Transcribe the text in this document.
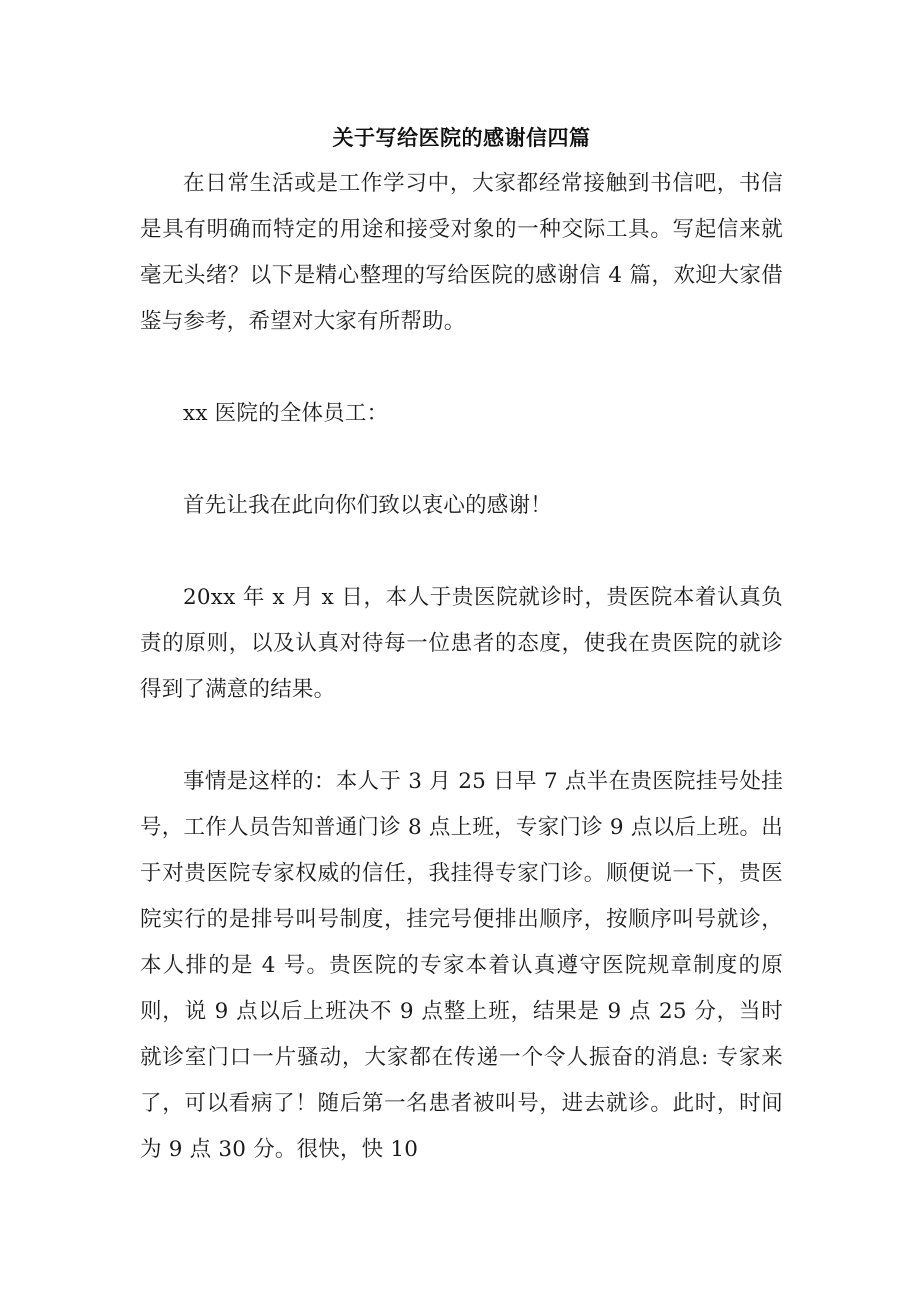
关于写给医院的感谢信四篇

在日常生活或是工作学习中，大家都经常接触到书信吧，书信是具有明确而特定的用途和接受对象的一种交际工具。写起信来就毫无头绪？以下是精心整理的写给医院的感谢信 4 篇，欢迎大家借鉴与参考，希望对大家有所帮助。

xx 医院的全体员工：

首先让我在此向你们致以衷心的感谢！

20xx 年 x 月 x 日，本人于贵医院就诊时，贵医院本着认真负责的原则，以及认真对待每一位患者的态度，使我在贵医院的就诊得到了满意的结果。

事情是这样的：本人于 3 月 25 日早 7 点半在贵医院挂号处挂号，工作人员告知普通门诊 8 点上班，专家门诊 9 点以后上班。出于对贵医院专家权威的信任，我挂得专家门诊。顺便说一下，贵医院实行的是排号叫号制度，挂完号便排出顺序，按顺序叫号就诊，本人排的是 4 号。贵医院的专家本着认真遵守医院规章制度的原则，说 9 点以后上班决不 9 点整上班，结果是 9 点 25 分，当时就诊室门口一片骚动，大家都在传递一个令人振奋的消息: 专家来了，可以看病了！随后第一名患者被叫号，进去就诊。此时，时间为 9 点 30 分。很快，快 10
